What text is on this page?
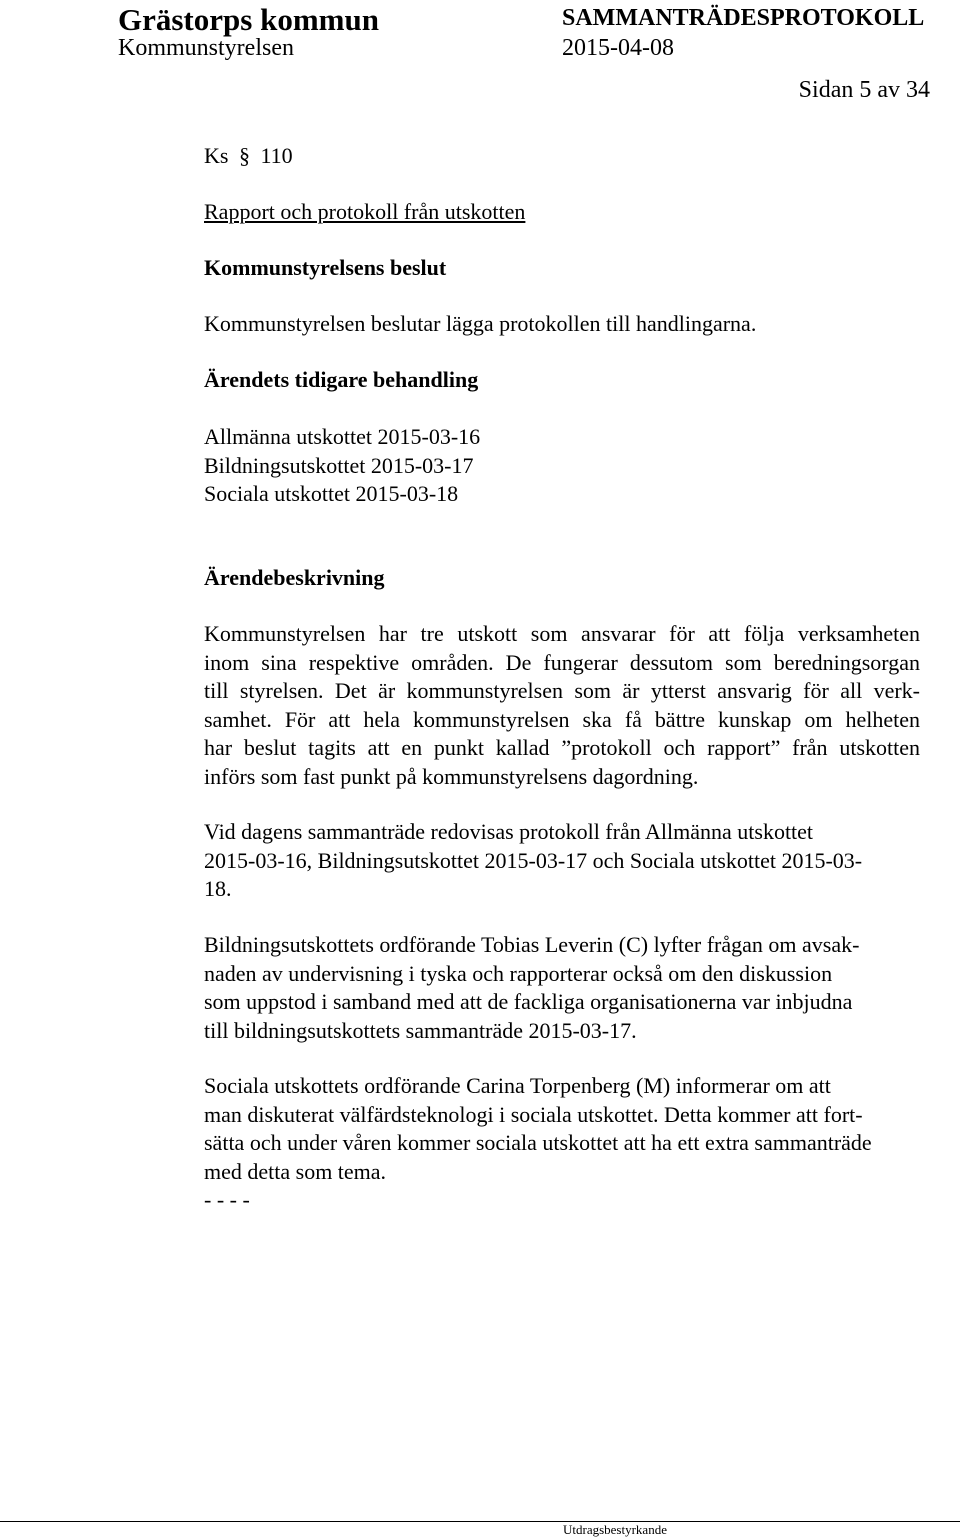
Grästorps kommun	SAMMANTRÄDESPROTOKOLL
Kommunstyrelsen	2015-04-08
Sidan 5 av 34
Ks § 110
Rapport och protokoll från utskotten
Kommunstyrelsens beslut
Kommunstyrelsen beslutar lägga protokollen till handlingarna.
Ärendets tidigare behandling
Allmänna utskottet 2015-03-16
Bildningsutskottet 2015-03-17
Sociala utskottet 2015-03-18
Ärendebeskrivning
Kommunstyrelsen har tre utskott som ansvarar för att följa verksamheten
inom sina respektive områden. De fungerar dessutom som beredningsorgan
till styrelsen. Det är kommunstyrelsen som är ytterst ansvarig för all verk-
samhet. För att hela kommunstyrelsen ska få bättre kunskap om helheten
har beslut tagits att en punkt kallad ”protokoll och rapport” från utskotten
införs som fast punkt på kommunstyrelsens dagordning.
Vid dagens sammanträde redovisas protokoll från Allmänna utskottet
2015-03-16, Bildningsutskottet 2015-03-17 och Sociala utskottet 2015-03-
18.
Bildningsutskottets ordförande Tobias Leverin (C) lyfter frågan om avsak-
naden av undervisning i tyska och rapporterar också om den diskussion
som uppstod i samband med att de fackliga organisationerna var inbjudna
till bildningsutskottets sammanträde 2015-03-17.
Sociala utskottets ordförande Carina Torpenberg (M) informerar om att
man diskuterat välfärdsteknologi i sociala utskottet. Detta kommer att fort-
sätta och under våren kommer sociala utskottet att ha ett extra sammanträde
med detta som tema.
- - - -
Utdragsbestyrkande
